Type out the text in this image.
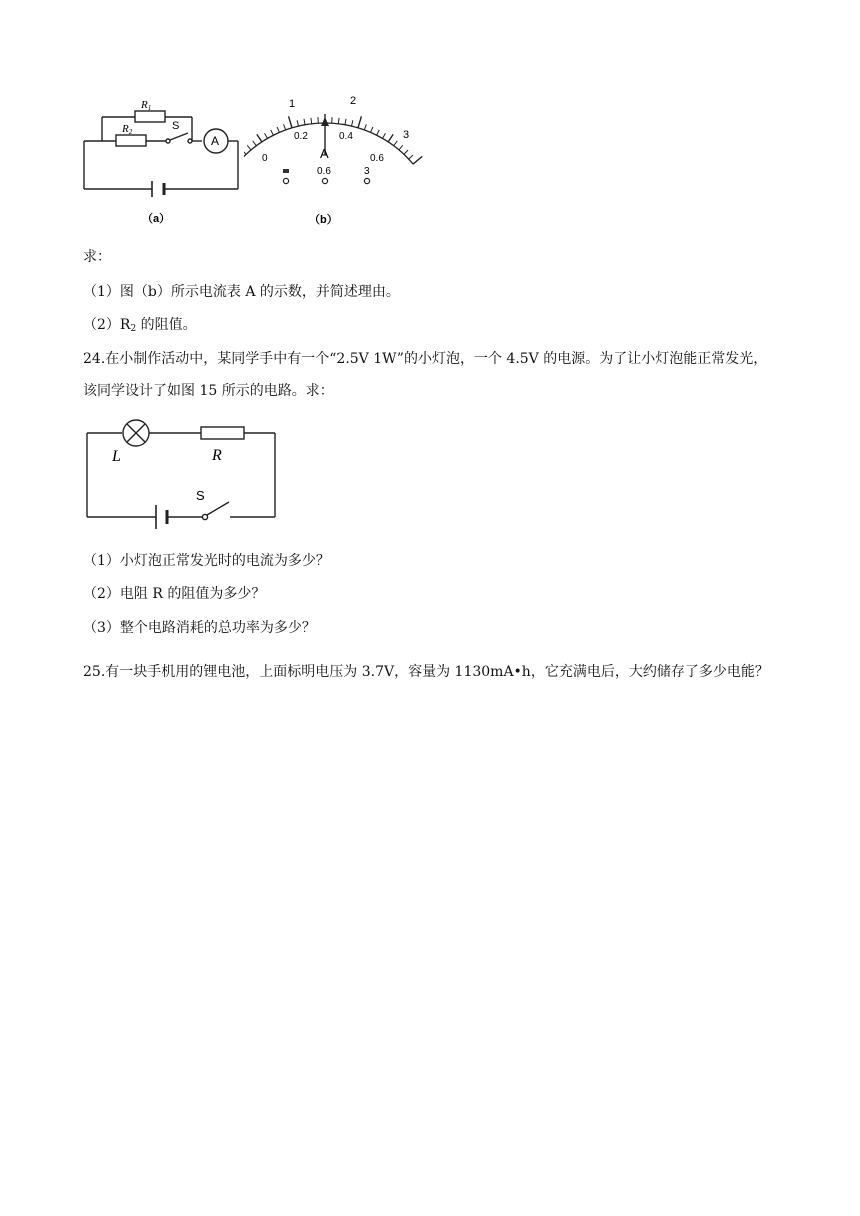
R1
R2	S
A
（a）
0
1	2
3
0.2	0.4
0.6
A
0.6	3
（b）
求：
（1）图（b）所示电流表 A 的示数，并简述理由。
$(2)R_2$ 的阻值。
24.在小制作活动中，某同学手中有一个“2.5V 1W”的小灯泡，一个 4.5V 的电源。为了让小灯泡能正常发光，
该同学设计了如图 15 所示的电路。求：
L	R
S
（1）小灯泡正常发光时的电流为多少？
（2）电阻 R 的阻值为多少？
（3）整个电路消耗的总功率为多少？
25.有一块手机用的锂电池，上面标明电压为 3.7V，容量为 1130mA•h，它充满电后，大约储存了多少电能？
